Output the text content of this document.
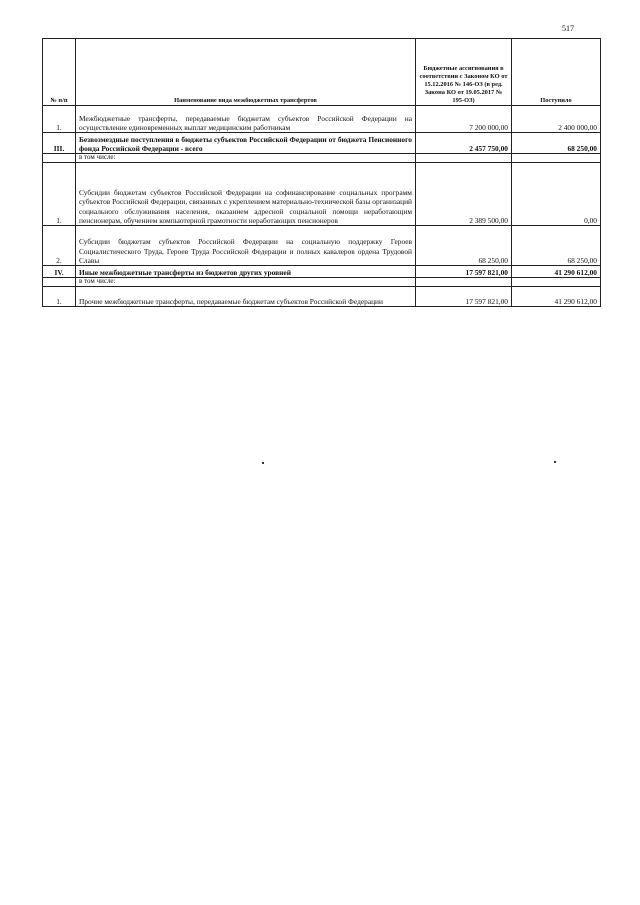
517
№ п/п	Наименование вида межбюджетных трансфертов	Бюджетные ассигнования в соответствии с Законом КО от 15.12.2016 № 146-ОЗ (в ред. Закона КО от 19.05.2017 № 195-ОЗ)	Поступило
1.	Межбюджетные трансферты, передаваемые бюджетам субъектов Российской Федерации на осуществление единовременных выплат медицинским работникам	7 200 000,00	2 400 000,00
III.	Безвозмездные поступления в бюджеты субъектов Российской Федерации от бюджета Пенсионного фонда Российской Федерации - всего	2 457 750,00	68 250,00
	в том числе:		
1.	Субсидии бюджетам субъектов Российской Федерации на софинансирование социальных программ субъектов Российской Федерации, связанных с укреплением материально-технической базы организаций социального обслуживания населения, оказанием адресной социальной помощи неработающим пенсионерам, обучением компьютерной грамотности неработающих пенсионеров	2 389 500,00	0,00
2.	Субсидии бюджетам субъектов Российской Федерации на социальную поддержку Героев Социалистического Труда, Героев Труда Российской Федерации и полных кавалеров ордена Трудовой Славы	68 250,00	68 250,00
IV.	Иные межбюджетные трансферты из бюджетов других уровней	17 597 821,00	41 290 612,00
	в том числе:		
1.	Прочие межбюджетные трансферты, передаваемые бюджетам субъектов Российской Федерации	17 597 821,00	41 290 612,00
